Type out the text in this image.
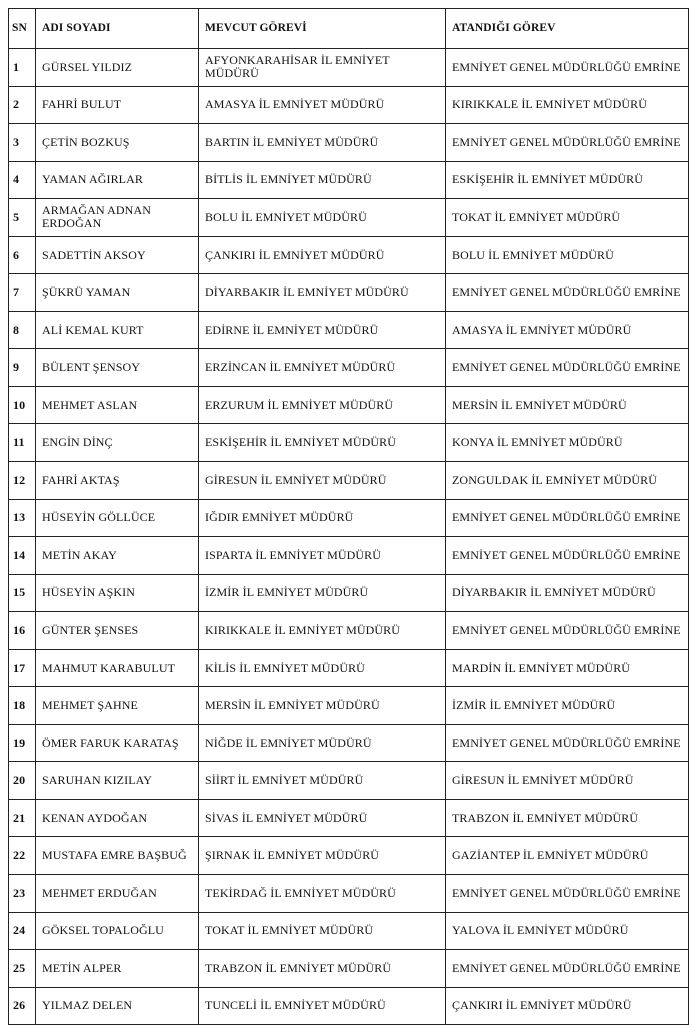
SN	ADI SOYADI	MEVCUT GÖREVİ	ATANDIĞI GÖREV
1	GÜRSEL YILDIZ	AFYONKARAHİSAR İL EMNİYET MÜDÜRÜ	EMNİYET GENEL MÜDÜRLÜĞÜ EMRİNE
2	FAHRİ BULUT	AMASYA İL EMNİYET MÜDÜRÜ	KIRIKKALE İL EMNİYET MÜDÜRÜ
3	ÇETİN BOZKUŞ	BARTIN İL EMNİYET MÜDÜRÜ	EMNİYET GENEL MÜDÜRLÜĞÜ EMRİNE
4	YAMAN AĞIRLAR	BİTLİS İL EMNİYET MÜDÜRÜ	ESKİŞEHİR İL EMNİYET MÜDÜRÜ
5	ARMAĞAN ADNAN ERDOĞAN	BOLU İL EMNİYET MÜDÜRÜ	TOKAT İL EMNİYET MÜDÜRÜ
6	SADETTİN AKSOY	ÇANKIRI İL EMNİYET MÜDÜRÜ	BOLU İL EMNİYET MÜDÜRÜ
7	ŞÜKRÜ YAMAN	DİYARBAKIR İL EMNİYET MÜDÜRÜ	EMNİYET GENEL MÜDÜRLÜĞÜ EMRİNE
8	ALİ KEMAL KURT	EDİRNE İL EMNİYET MÜDÜRÜ	AMASYA İL EMNİYET MÜDÜRÜ
9	BÜLENT ŞENSOY	ERZİNCAN İL EMNİYET MÜDÜRÜ	EMNİYET GENEL MÜDÜRLÜĞÜ EMRİNE
10	MEHMET ASLAN	ERZURUM İL EMNİYET MÜDÜRÜ	MERSİN İL EMNİYET MÜDÜRÜ
11	ENGİN DİNÇ	ESKİŞEHİR İL EMNİYET MÜDÜRÜ	KONYA İL EMNİYET MÜDÜRÜ
12	FAHRİ AKTAŞ	GİRESUN İL EMNİYET MÜDÜRÜ	ZONGULDAK İL EMNİYET MÜDÜRÜ
13	HÜSEYİN GÖLLÜCE	IĞDIR EMNİYET MÜDÜRÜ	EMNİYET GENEL MÜDÜRLÜĞÜ EMRİNE
14	METİN AKAY	ISPARTA İL EMNİYET MÜDÜRÜ	EMNİYET GENEL MÜDÜRLÜĞÜ EMRİNE
15	HÜSEYİN AŞKIN	İZMİR İL EMNİYET MÜDÜRÜ	DİYARBAKIR İL EMNİYET MÜDÜRÜ
16	GÜNTER ŞENSES	KIRIKKALE İL EMNİYET MÜDÜRÜ	EMNİYET GENEL MÜDÜRLÜĞÜ EMRİNE
17	MAHMUT KARABULUT	KİLİS İL EMNİYET MÜDÜRÜ	MARDİN İL EMNİYET MÜDÜRÜ
18	MEHMET ŞAHNE	MERSİN İL EMNİYET MÜDÜRÜ	İZMİR İL EMNİYET MÜDÜRÜ
19	ÖMER FARUK KARATAŞ	NİĞDE İL EMNİYET MÜDÜRÜ	EMNİYET GENEL MÜDÜRLÜĞÜ EMRİNE
20	SARUHAN KIZILAY	SİİRT İL EMNİYET MÜDÜRÜ	GİRESUN İL EMNİYET MÜDÜRÜ
21	KENAN AYDOĞAN	SİVAS İL EMNİYET MÜDÜRÜ	TRABZON İL EMNİYET MÜDÜRÜ
22	MUSTAFA EMRE BAŞBUĞ	ŞIRNAK İL EMNİYET MÜDÜRÜ	GAZİANTEP İL EMNİYET MÜDÜRÜ
23	MEHMET ERDUĞAN	TEKİRDAĞ İL EMNİYET MÜDÜRÜ	EMNİYET GENEL MÜDÜRLÜĞÜ EMRİNE
24	GÖKSEL TOPALOĞLU	TOKAT İL EMNİYET MÜDÜRÜ	YALOVA İL EMNİYET MÜDÜRÜ
25	METİN ALPER	TRABZON İL EMNİYET MÜDÜRÜ	EMNİYET GENEL MÜDÜRLÜĞÜ EMRİNE
26	YILMAZ DELEN	TUNCELİ İL EMNİYET MÜDÜRÜ	ÇANKIRI İL EMNİYET MÜDÜRÜ
